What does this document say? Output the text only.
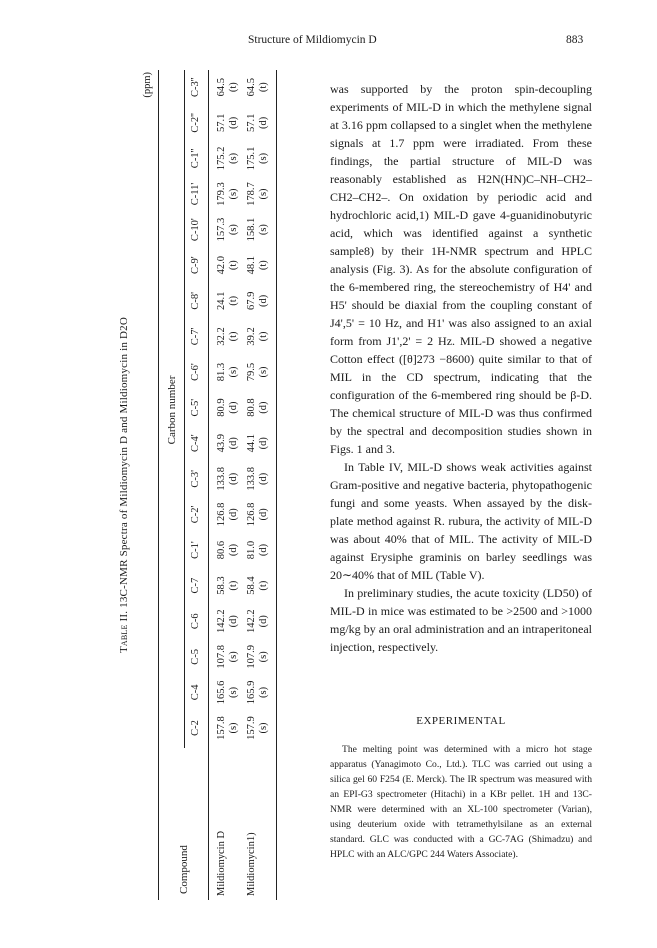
Structure of Mildiomycin D	883
Table II. 13C-NMR Spectra of Mildiomycin D and Mildiomycin in D2O
(ppm)
Carbon number
Compound
C-2
C-4
C-5
C-6
C-7
C-1'
C-2'
C-3'
C-4'
C-5'
C-6'
C-7'
C-8'
C-9'
C-10'
C-11'
C-1''
C-2''
C-3''
Mildiomycin D
157.8 (s)
165.6 (s)
107.8 (s)
142.2 (d)
58.3 (t)
80.6 (d)
126.8 (d)
133.8 (d)
43.9 (d)
80.9 (d)
81.3 (s)
32.2 (t)
24.1 (t)
42.0 (t)
157.3 (s)
179.3 (s)
175.2 (s)
57.1 (d)
64.5 (t)
Mildiomycin1)
157.9 (s)
165.9 (s)
107.9 (s)
142.2 (d)
58.4 (t)
81.0 (d)
126.8 (d)
133.8 (d)
44.1 (d)
80.8 (d)
79.5 (s)
39.2 (t)
67.9 (d)
48.1 (t)
158.1 (s)
178.7 (s)
175.1 (s)
57.1 (d)
64.5 (t)	was supported by the proton spin-decoupling experiments of MIL-D in which the methylene signal at 3.16 ppm collapsed to a singlet when the methylene signals at 1.7 ppm were irradiated. From these findings, the partial structure of MIL-D was reasonably established as H2N(HN)C–NH–CH2–CH2–CH2–. On oxidation by periodic acid and hydrochloric acid,1) MIL-D gave 4-guanidinobutyric acid, which was identified against a synthetic sample8) by their 1H-NMR spectrum and HPLC analysis (Fig. 3). As for the absolute configuration of the 6-membered ring, the stereochemistry of H4' and H5' should be diaxial from the coupling constant of J4',5' = 10 Hz, and H1' was also assigned to an axial form from J1',2' = 2 Hz. MIL-D showed a negative Cotton effect ([θ]273 −8600) quite similar to that of MIL in the CD spectrum, indicating that the configuration of the 6-membered ring should be β-D. The chemical structure of MIL-D was thus confirmed by the spectral and decomposition studies shown in Figs. 1 and 3.

In Table IV, MIL-D shows weak activities against Gram-positive and negative bacteria, phytopathogenic fungi and some yeasts. When assayed by the disk-plate method against R. rubura, the activity of MIL-D was about 40% that of MIL. The activity of MIL-D against Erysiphe graminis on barley seedlings was 20∼40% that of MIL (Table V).

In preliminary studies, the acute toxicity (LD50) of MIL-D in mice was estimated to be >2500 and >1000 mg/kg by an oral administration and an intraperitoneal injection, respectively.

EXPERIMENTAL
The melting point was determined with a micro hot stage apparatus (Yanagimoto Co., Ltd.). TLC was carried out using a silica gel 60 F254 (E. Merck). The IR spectrum was measured with an EPI-G3 spectrometer (Hitachi) in a KBr pellet. 1H and 13C-NMR were determined with an XL-100 spectrometer (Varian), using deuterium oxide with tetramethylsilane as an external standard. GLC was conducted with a GC-7AG (Shimadzu) and HPLC with an ALC/GPC 244 Waters Associate).
